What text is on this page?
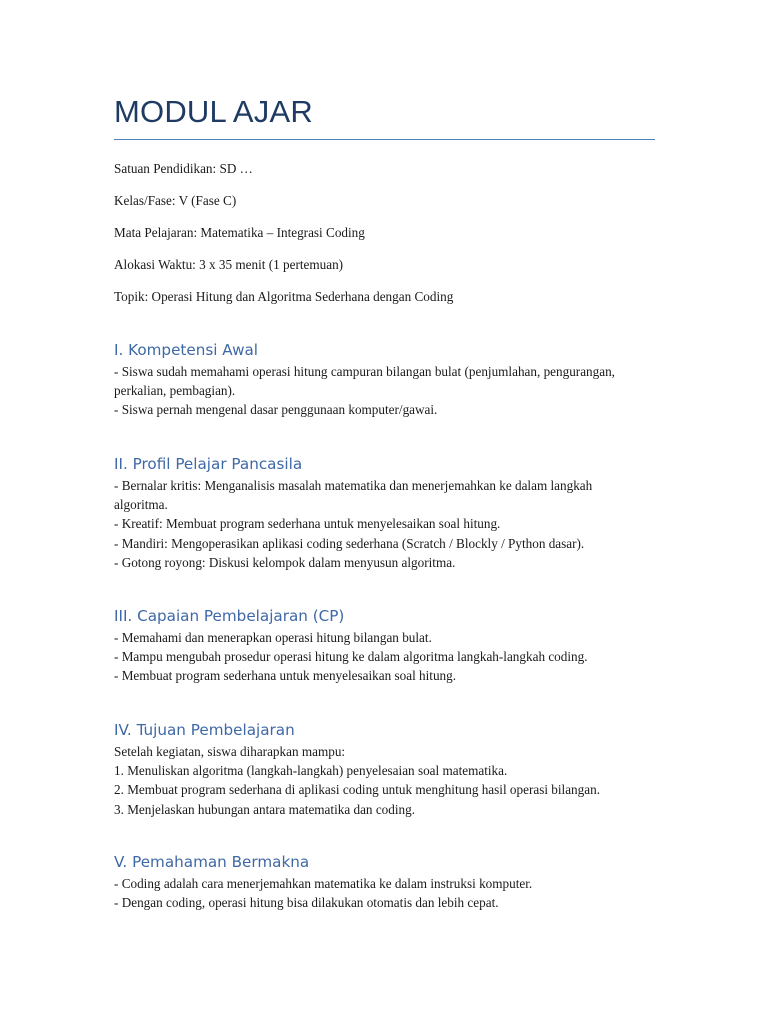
MODUL AJAR
Satuan Pendidikan: SD …
Kelas/Fase: V (Fase C)
Mata Pelajaran: Matematika – Integrasi Coding
Alokasi Waktu: 3 x 35 menit (1 pertemuan)
Topik: Operasi Hitung dan Algoritma Sederhana dengan Coding
I. Kompetensi Awal
- Siswa sudah memahami operasi hitung campuran bilangan bulat (penjumlahan, pengurangan, perkalian, pembagian).
- Siswa pernah mengenal dasar penggunaan komputer/gawai.
II. Profil Pelajar Pancasila
- Bernalar kritis: Menganalisis masalah matematika dan menerjemahkan ke dalam langkah algoritma.
- Kreatif: Membuat program sederhana untuk menyelesaikan soal hitung.
- Mandiri: Mengoperasikan aplikasi coding sederhana (Scratch / Blockly / Python dasar).
- Gotong royong: Diskusi kelompok dalam menyusun algoritma.
III. Capaian Pembelajaran (CP)
- Memahami dan menerapkan operasi hitung bilangan bulat.
- Mampu mengubah prosedur operasi hitung ke dalam algoritma langkah-langkah coding.
- Membuat program sederhana untuk menyelesaikan soal hitung.
IV. Tujuan Pembelajaran
Setelah kegiatan, siswa diharapkan mampu:
1. Menuliskan algoritma (langkah-langkah) penyelesaian soal matematika.
2. Membuat program sederhana di aplikasi coding untuk menghitung hasil operasi bilangan.
3. Menjelaskan hubungan antara matematika dan coding.
V. Pemahaman Bermakna
- Coding adalah cara menerjemahkan matematika ke dalam instruksi komputer.
- Dengan coding, operasi hitung bisa dilakukan otomatis dan lebih cepat.
